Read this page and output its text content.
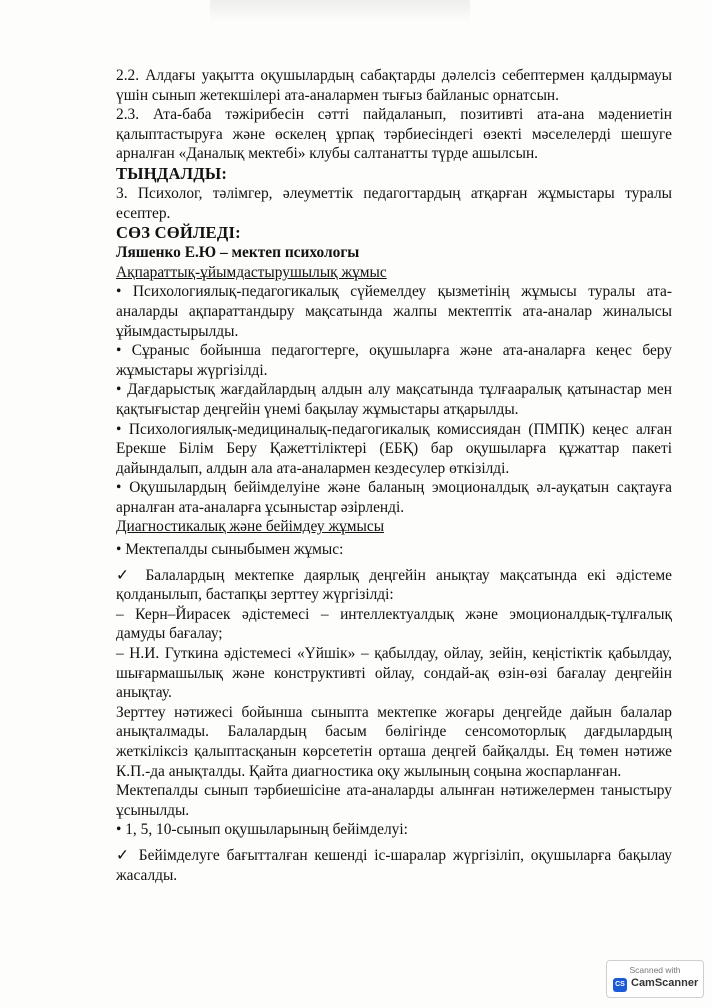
2.2. Алдағы уақытта оқушылардың сабақтарды дәлелсіз себептермен қалдырмауы үшін сынып жетекшілері ата-аналармен тығыз байланыс орнатсын.

2.3. Ата-баба тәжірибесін сәтті пайдаланып, позитивті ата-ана мәдениетін қалыптастыруға және өскелең ұрпақ тәрбиесіндегі өзекті мәселелерді шешуге арналған «Даналық мектебі» клубы салтанатты түрде ашылсын.

ТЫҢДАЛДЫ:

3. Психолог, тәлімгер, әлеуметтік педагогтардың атқарған жұмыстары туралы есептер.

СӨЗ СӨЙЛЕДІ:

Ляшенко Е.Ю – мектеп психологы

Ақпараттық-ұйымдастырушылық жұмыс

• Психологиялық-педагогикалық сүйемелдеу қызметінің жұмысы туралы ата-аналарды ақпараттандыру мақсатында жалпы мектептік ата-аналар жиналысы ұйымдастырылды.

• Сұраныс бойынша педагогтерге, оқушыларға және ата-аналарға кеңес беру жұмыстары жүргізілді.

• Дағдарыстық жағдайлардың алдын алу мақсатында тұлғааралық қатынастар мен қақтығыстар деңгейін үнемі бақылау жұмыстары атқарылды.

• Психологиялық-медициналық-педагогикалық комиссиядан (ПМПК) кеңес алған Ерекше Білім Беру Қажеттіліктері (ЕБҚ) бар оқушыларға құжаттар пакеті дайындалып, алдын ала ата-аналармен кездесулер өткізілді.

• Оқушылардың бейімделуіне және баланың эмоционалдық әл-ауқатын сақтауға арналған ата-аналарға ұсыныстар әзірленді.

Диагностикалық және бейімдеу жұмысы

• Мектепалды сыныбымен жұмыс:

✓ Балалардың мектепке даярлық деңгейін анықтау мақсатында екі әдістеме қолданылып, бастапқы зерттеу жүргізілді:

– Керн–Йирасек әдістемесі – интеллектуалдық және эмоционалдық-тұлғалық дамуды бағалау;

– Н.И. Гуткина әдістемесі «Үйшік» – қабылдау, ойлау, зейін, кеңістіктік қабылдау, шығармашылық және конструктивті ойлау, сондай-ақ өзін-өзі бағалау деңгейін анықтау.

Зерттеу нәтижесі бойынша сыныпта мектепке жоғары деңгейде дайын балалар анықталмады. Балалардың басым бөлігінде сенсомоторлық дағдылардың жеткіліксіз қалыптасқанын көрсететін орташа деңгей байқалды. Ең төмен нәтиже К.П.-да анықталды. Қайта диагностика оқу жылының соңына жоспарланған.

Мектепалды сынып тәрбиешісіне ата-аналарды алынған нәтижелермен таныстыру ұсынылды.

• 1, 5, 10-сынып оқушыларының бейімделуі:

✓ Бейімделуге бағытталған кешенді іс-шаралар жүргізіліп, оқушыларға бақылау жасалды.

Scanned with
CS CamScanner
